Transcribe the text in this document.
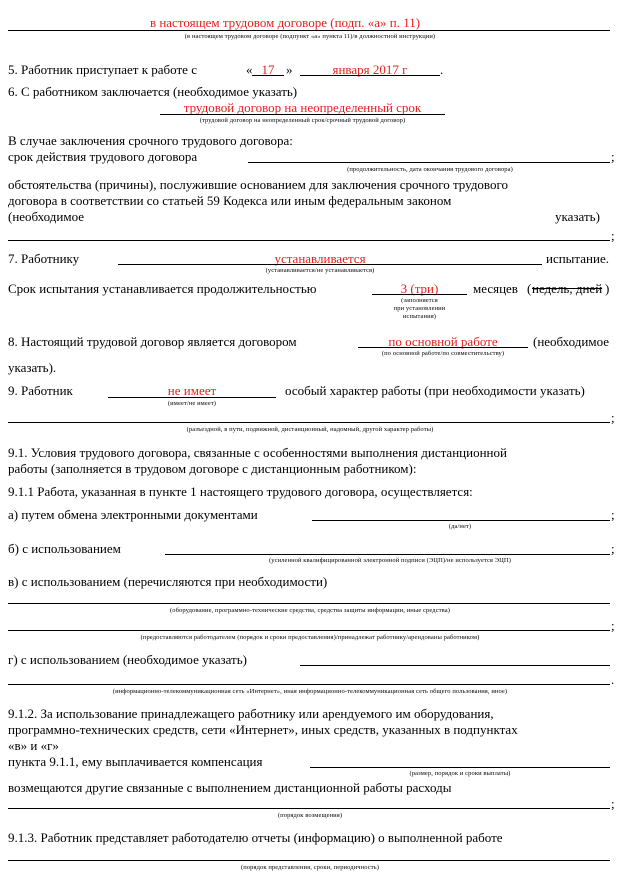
в настоящем трудовом договоре (подп. «а» п. 11)
(в настоящем трудовом договоре (подпункт «а» пункта 11)/в должностной инструкции)
5. Работник приступает к работе с	« 17 »	января 2017 г	.
6. С работником заключается (необходимое указать)
трудовой договор на неопределенный срок
(трудовой договор на неопределенный срок/срочный трудовой договор)
В случае заключения срочного трудового договора:
срок действия трудового договора	;
(продолжительность, дата окончания трудового договора)
обстоятельства (причины), послужившие основанием для заключения срочного трудового
договора в соответствии со статьей 59 Кодекса или иным федеральным законом
(необходимое	указать)
;
7. Работнику	устанавливается	испытание.
(устанавливается/не устанавливается)
Срок испытания устанавливается продолжительностью	3 (три)	месяцев ( недель, дней )
(заполняется
при установлении
испытания)
8. Настоящий трудовой договор является договором	по основной работе	(необходимое
(по основной работе/по совместительству)
указать).
9. Работник	не имеет	особый характер работы (при необходимости указать)
(имеет/не имеет)
;
(разъездной, в пути, подвижной, дистанционный, надомный, другой характер работы)
9.1. Условия трудового договора, связанные с особенностями выполнения дистанционной
работы (заполняется в трудовом договоре с дистанционным работником):
9.1.1 Работа, указанная в пункте 1 настоящего трудового договора, осуществляется:
а) путем обмена электронными документами	;
(да/нет)
б) с использованием	;
(усиленной квалифицированной электронной подписи (ЭЦП)/не используется ЭЦП)
в) с использованием (перечисляются при необходимости)
(оборудование, программно-технические средства, средства защиты информации, иные средства)
;
(предоставляются работодателем (порядок и сроки предоставления)/принадлежат работнику/арендованы работником)
г) с использованием (необходимое указать)
.
(информационно-телекоммуникационная сеть «Интернет», иная информационно-телекоммуникационная сеть общего пользования, иное)
9.1.2. За использование принадлежащего работнику или арендуемого им оборудования,
программно-технических средств, сети «Интернет», иных средств, указанных в подпунктах
«в» и «г»
пункта 9.1.1, ему выплачивается компенсация
(размер, порядок и сроки выплаты)
возмещаются другие связанные с выполнением дистанционной работы расходы
;
(порядок возмещения)
9.1.3. Работник представляет работодателю отчеты (информацию) о выполненной работе
(порядок представления, сроки, периодичность)
